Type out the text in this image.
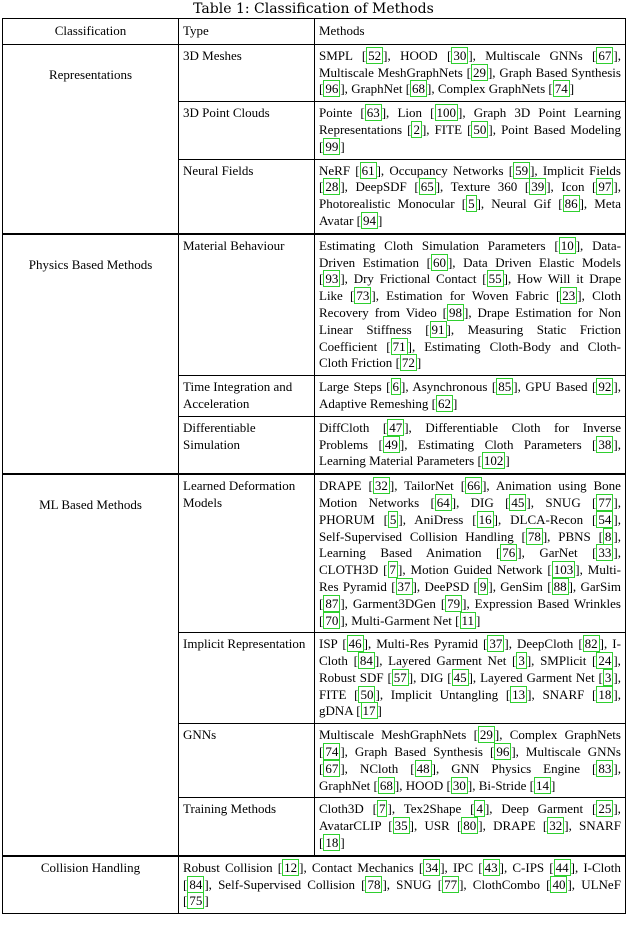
Table 1: Classification of Methods
Classification	Type	Methods
Representations	3D Meshes	SMPL [ 52 ], HOOD [ 30 ], Multiscale GNNs [ 67 ], Multiscale MeshGraphNets [ 29 ], Graph Based Synthesis [ 96 ], GraphNet [ 68 ], Complex GraphNets [ 74 ]
	3D Point Clouds	Pointe [ 63 ], Lion [ 100 ], Graph 3D Point Learning Representations [ 2 ], FITE [ 50 ], Point Based Modeling [ 99 ]
	Neural Fields	NeRF [ 61 ], Occupancy Networks [ 59 ], Implicit Fields [ 28 ], DeepSDF [ 65 ], Texture 360 [ 39 ], Icon [ 97 ], Photorealistic Monocular [ 5 ], Neural Gif [ 86 ], Meta Avatar [ 94 ]
Physics Based Methods	Material Behaviour	Estimating Cloth Simulation Parameters [ 10 ], Data-Driven Estimation [ 60 ], Data Driven Elastic Models [ 93 ], Dry Frictional Contact [ 55 ], How Will it Drape Like [ 73 ], Estimation for Woven Fabric [ 23 ], Cloth Recovery from Video [ 98 ], Drape Estimation for Non Linear Stiffness [ 91 ], Measuring Static Friction Coefficient [ 71 ], Estimating Cloth-Body and Cloth-Cloth Friction [ 72 ]
	Time Integration and Acceleration	Large Steps [ 6 ], Asynchronous [ 85 ], GPU Based [ 92 ], Adaptive Remeshing [ 62 ]
	Differentiable Simulation	DiffCloth [ 47 ], Differentiable Cloth for Inverse Problems [ 49 ], Estimating Cloth Parameters [ 38 ], Learning Material Parameters [ 102 ]
ML Based Methods	Learned Deformation Models	DRAPE [ 32 ], TailorNet [ 66 ], Animation using Bone Motion Networks [ 64 ], DIG [ 45 ], SNUG [ 77 ], PHORUM [ 5 ], AniDress [ 16 ], DLCA-Recon [ 54 ], Self-Supervised Collision Handling [ 78 ], PBNS [ 8 ], Learning Based Animation [ 76 ], GarNet [ 33 ], CLOTH3D [ 7 ], Motion Guided Network [ 103 ], Multi-Res Pyramid [ 37 ], DeePSD [ 9 ], GenSim [ 88 ], GarSim [ 87 ], Garment3DGen [ 79 ], Expression Based Wrinkles [ 70 ], Multi-Garment Net [ 11 ]
	Implicit Representation	ISP [ 46 ], Multi-Res Pyramid [ 37 ], DeepCloth [ 82 ], I-Cloth [ 84 ], Layered Garment Net [ 3 ], SMPlicit [ 24 ], Robust SDF [ 57 ], DIG [ 45 ], Layered Garment Net [ 3 ], FITE [ 50 ], Implicit Untangling [ 13 ], SNARF [ 18 ], gDNA [ 17 ]
	GNNs	Multiscale MeshGraphNets [ 29 ], Complex GraphNets [ 74 ], Graph Based Synthesis [ 96 ], Multiscale GNNs [ 67 ], NCloth [ 48 ], GNN Physics Engine [ 83 ], GraphNet [ 68 ], HOOD [ 30 ], Bi-Stride [ 14 ]
	Training Methods	Cloth3D [ 7 ], Tex2Shape [ 4 ], Deep Garment [ 25 ], AvatarCLIP [ 35 ], USR [ 80 ], DRAPE [ 32 ], SNARF [ 18 ]
Collision Handling	Robust Collision [ 12 ], Contact Mechanics [ 34 ], IPC [ 43 ], C-IPS [ 44 ], I-Cloth [ 84 ], Self-Supervised Collision [ 78 ], SNUG [ 77 ], ClothCombo [ 40 ], ULNeF [ 75 ]	
